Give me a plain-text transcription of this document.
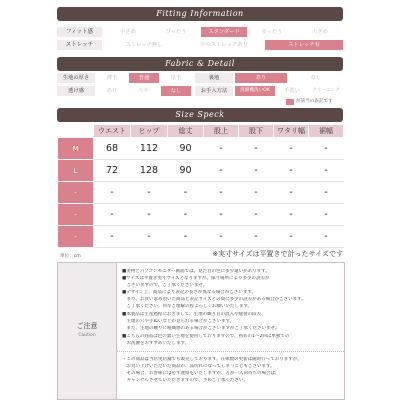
Fitting Information
フィット感	小さめ	ぴったり	スタンダード	ゆったり	大きめ
ストレッチ	ストレッチ無し	ややストレッチあり	ストレッチ有
Fabric & Detail
生地の厚さ	薄手	普通	厚手	裏地	あり	なし
透け感	あり	やや	なし	お手入方法	洗濯機洗いOK	手洗い	クリーニング
が該当の表記です
Size Speck
	ウエスト	ヒップ	総丈	股上	股下	ワタリ幅	裾幅
M	68	112	90	-	-	-	-
L	72	128	90	-	-	-	-
-	-	-	-	-	-	-	-
-	-	-	-	-	-	-	-
-	-	-	-	-	-	-	-
※実寸サイズは平置きで計ったサイズです
単位：cm
ご注意
Caution
■実物とパソコンモニター画面では、見た目の色に多少違いがあります。
■サイズは平置き実寸サイズとなりますが、採寸場所により多少の誤差が
　ございますので、ご了承くださいませ。
■デザイン上、商品により表記の長さが異なる場合がございます。
　また、お買い求め頂いた商品と表記サイズとの間に多少の誤差がある場合がございます。
　ご了承ください。何卒ご理解の程よろしくお願いいたします。
■本製品は生産過程におきまして、生地の織り目の混入や縫製の段差、
　生地の穴や手ぬいなどが見られる場合がございます。
　また、生地の触りに粗織感のある場合がございますがご了承くださいませ。
■こちらの商品は色の濃い生地を使用しておりますので、初めの1～2回は単独での
　お洗濯をおすすめいたします。
・この商品は当店実店舗でも販売しております。在庫数の更新は随時行っておりますが、
　お買い上げいただいた商品が、品切れになってしまうこともございます。
　その場合、お客様には必ず連絡をいたしますが、万が一入荷待ちの場合は、
　キャンセルさせていただきますので、予めご了承ください。
